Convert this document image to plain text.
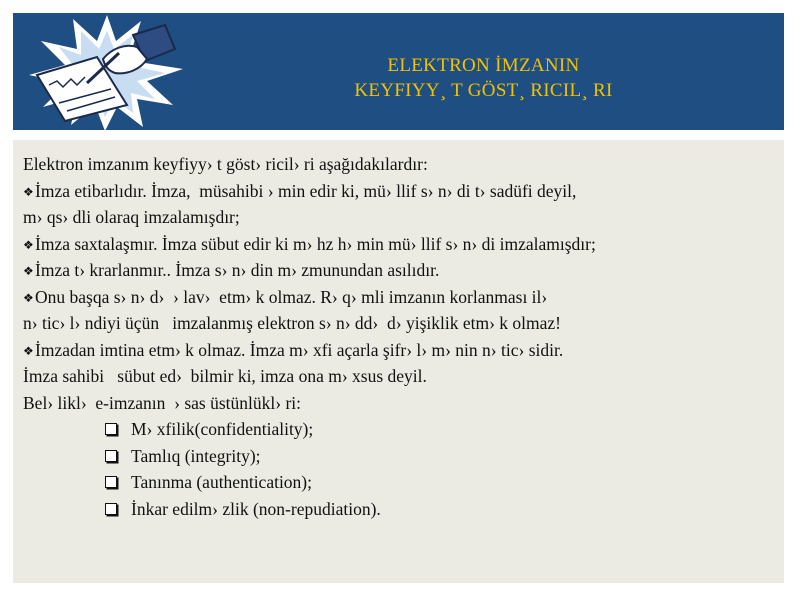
ELEKTRON İMZANIN
KEYFIYY¸ T GÖST¸ RICIL¸ RI
Elektron imzanım keyfiyy› t göst› ricil› ri aşağıdakılardır:
❖İmza etibarlıdır. İmza,  müsahibi › min edir ki, mü› llif s› n› di t› sadüfi deyil,
m› qs› dli olaraq imzalamışdır;
❖İmza saxtalaşmır. İmza sübut edir ki m› hz h› min mü› llif s› n› di imzalamışdır;
❖İmza t› krarlanmır.. İmza s› n› din m› zmunundan asılıdır.
❖Onu başqa s› n› d›  › lav›  etm› k olmaz. R› q› mli imzanın korlanması il›
n› tic› l› ndiyi üçün   imzalanmış elektron s› n› dd›  d› yişiklik etm› k olmaz!
❖İmzadan imtina etm› k olmaz. İmza m› xfi açarla şifr› l› m› nin n› tic› sidir.
İmza sahibi   sübut ed›  bilmir ki, imza ona m› xsus deyil.
Bel› likl›  e-imzanın  › sas üstünlükl› ri:
M› xfilik(confidentiality);
Tamlıq (integrity);
Tanınma (authentication);
İnkar edilm› zlik (non-repudiation).
